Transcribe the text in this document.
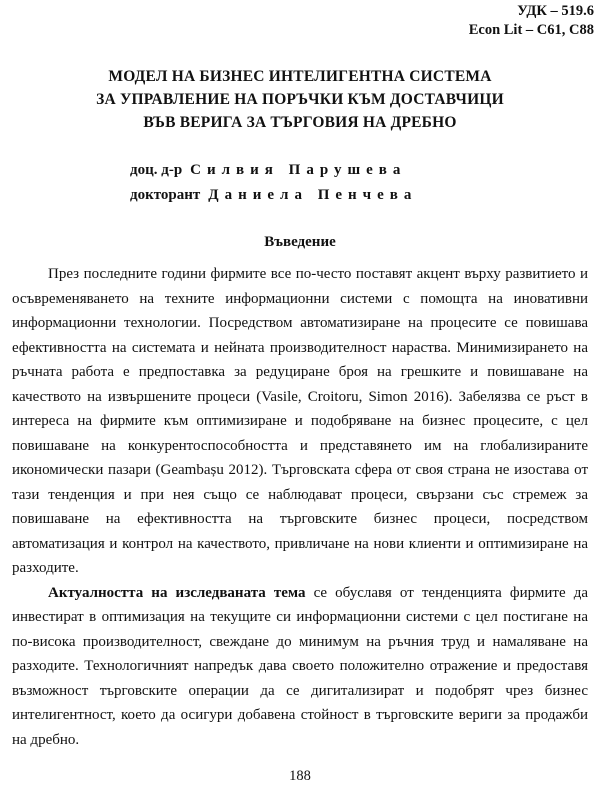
УДК – 519.6
Econ Lit – C61, C88
МОДЕЛ НА БИЗНЕС ИНТЕЛИГЕНТНА СИСТЕМА
ЗА УПРАВЛЕНИЕ НА ПОРЪЧКИ КЪМ ДОСТАВЧИЦИ
ВЪВ ВЕРИГА ЗА ТЪРГОВИЯ НА ДРЕБНО
доц. д-р Силвия Парушева
докторант Даниела Пенчева
Въведение

През последните години фирмите все по-често поставят акцент върху развитието и осъвременяването на техните информационни системи с помощта на иновативни информационни технологии. Посредством автоматизиране на процесите се повишава ефективността на системата и нейната производителност нараства. Минимизирането на ръчната работа е предпоставка за редуциране броя на грешките и повишаване на качеството на извършените процеси (Vasile, Croitoru, Simon 2016). Забелязва се ръст в интереса на фирмите към оптимизиране и подобряване на бизнес процесите, с цел повишаване на конкурентоспособността и представянето им на глобализираните икономически пазари (Geambașu 2012). Търговската сфера от своя страна не изостава от тази тенденция и при нея също се наблюдават процеси, свързани със стремеж за повишаване на ефективността на търговските бизнес процеси, посредством автоматизация и контрол на качеството, привличане на нови клиенти и оптимизиране на разходите.

Актуалността на изследваната тема се обуславя от тенденцията фирмите да инвестират в оптимизация на текущите си информационни системи с цел постигане на по-висока производителност, свеждане до минимум на ръчния труд и намаляване на разходите. Технологичният напредък дава своето положително отражение и предоставя възможност търговските операции да се дигитализират и подобрят чрез бизнес интелигентност, което да осигури добавена стойност в търговските вериги за продажби на дребно.

188
